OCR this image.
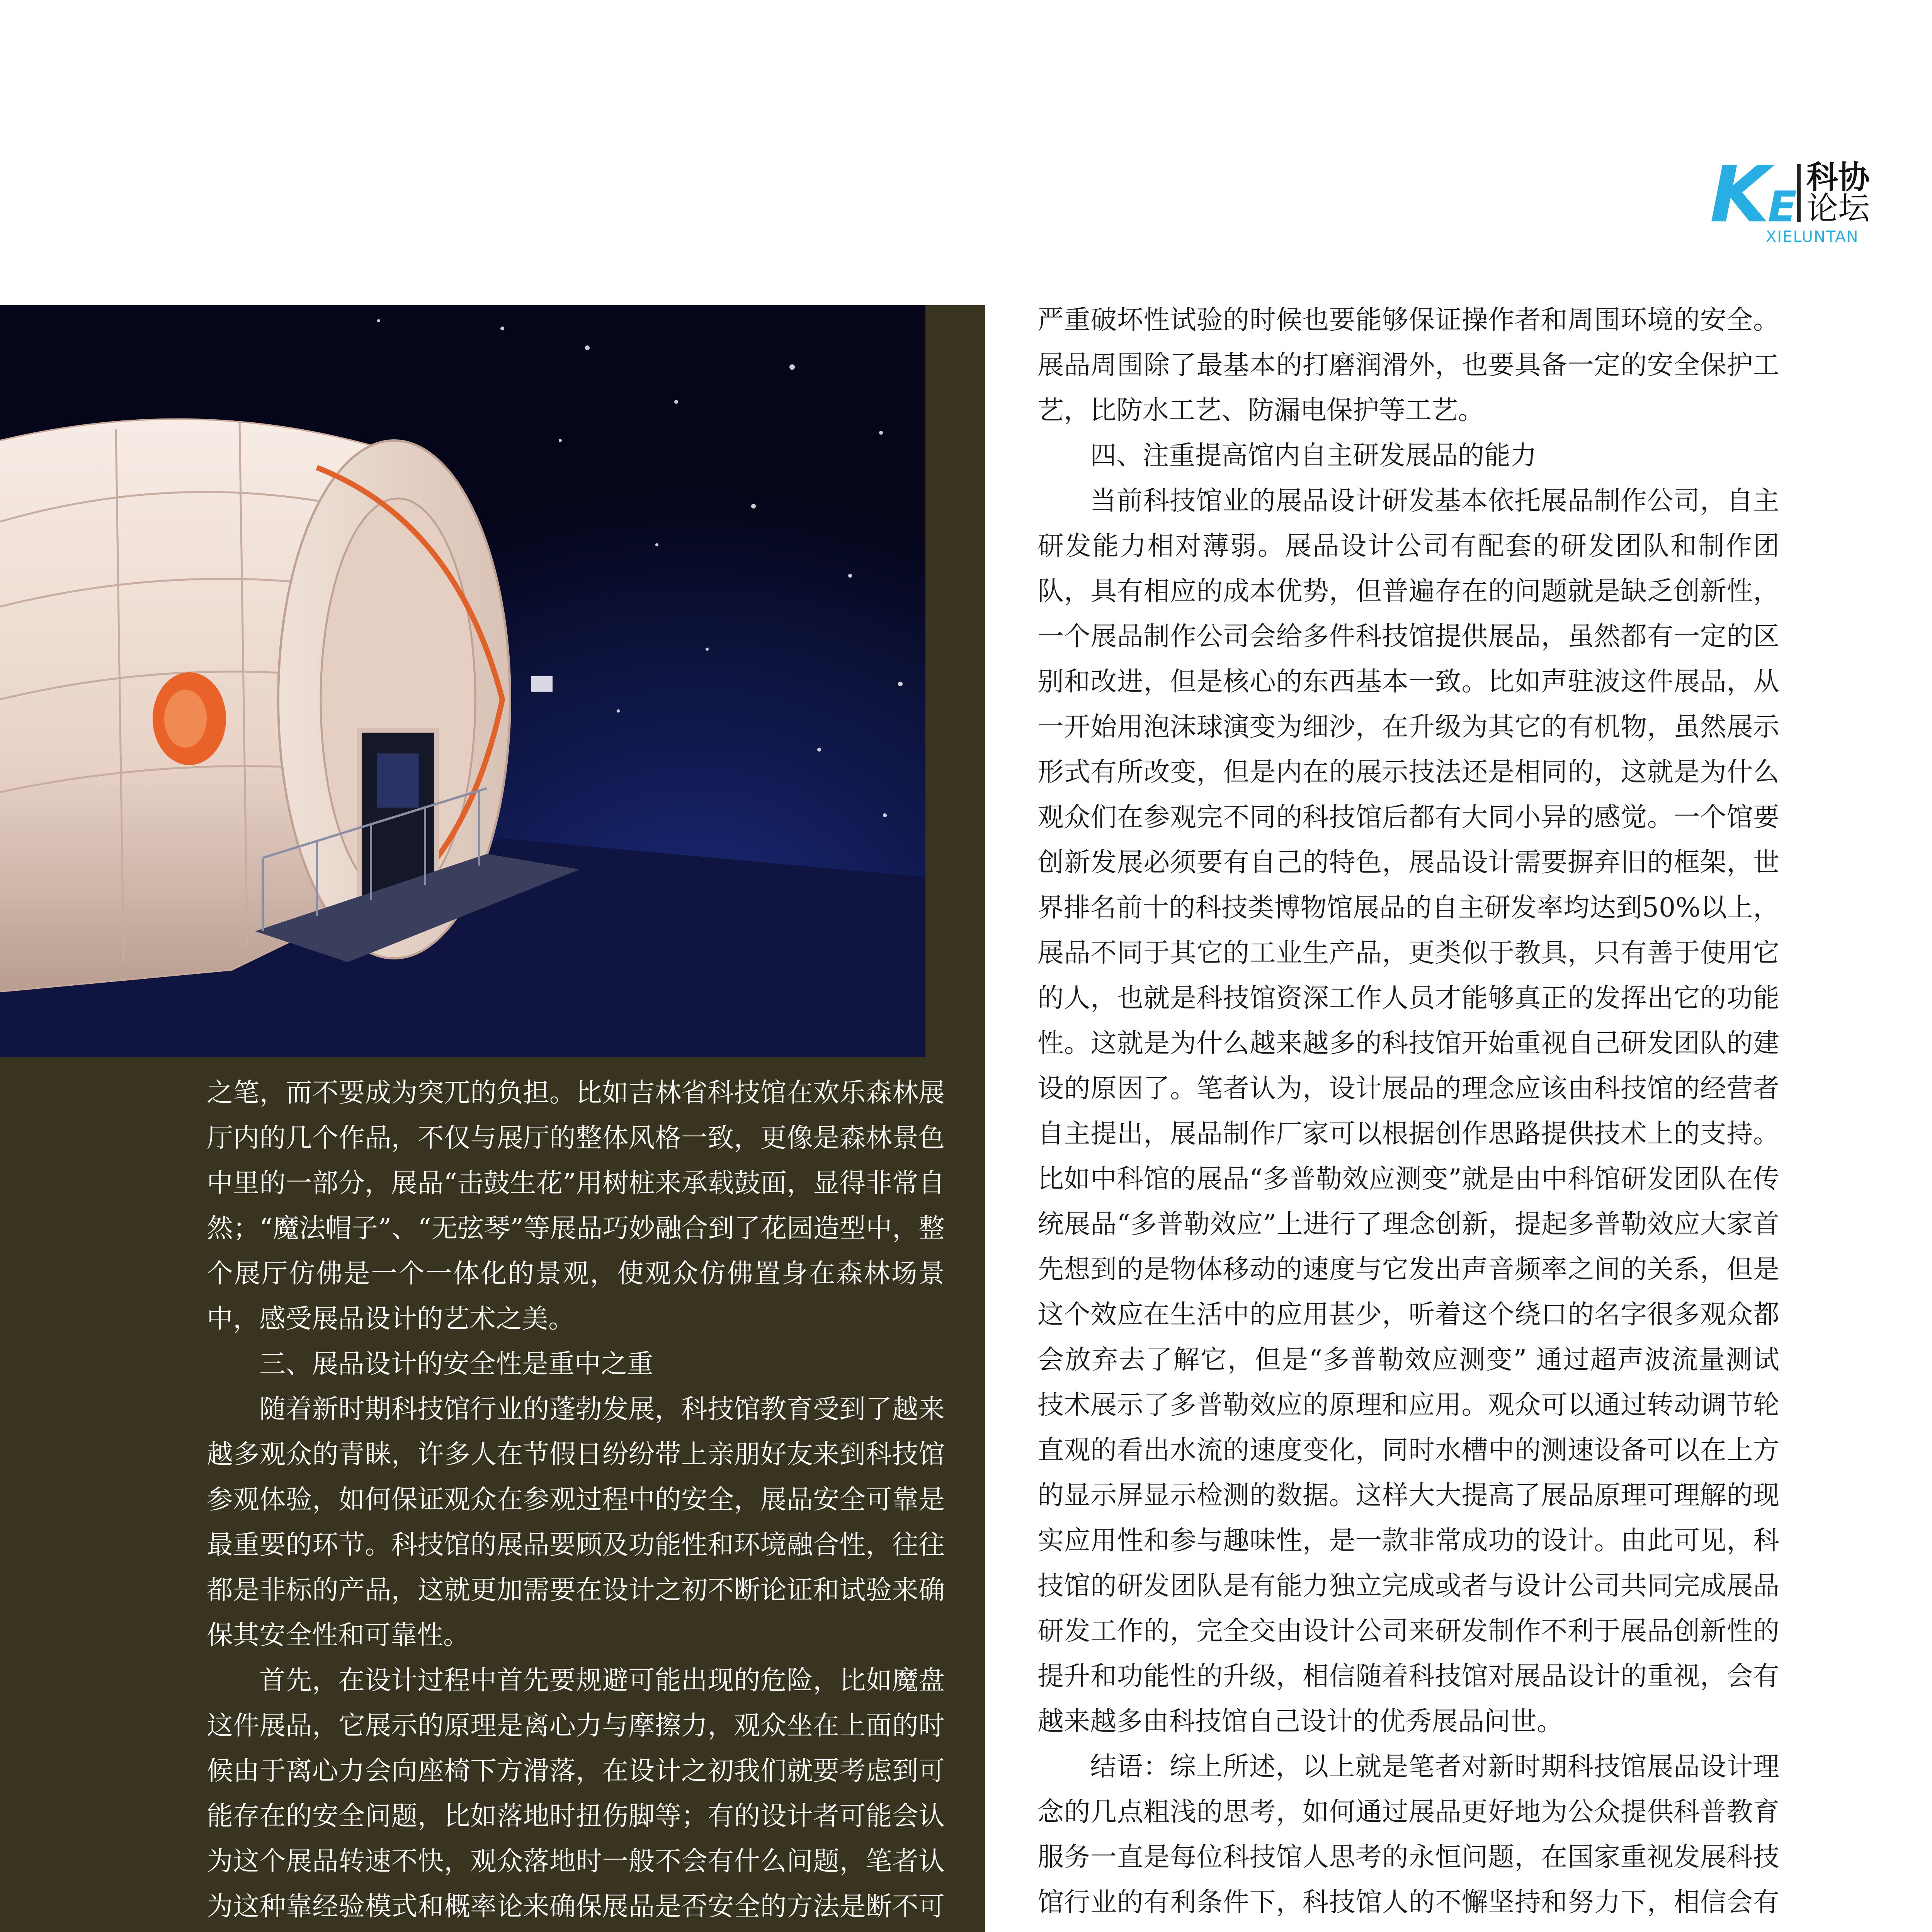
K
E
科协
论坛
XIELUNTAN

之笔，而不要成为突兀的负担。比如吉林省科技馆在欢乐森林展厅内的几个作品，不仅与展厅的整体风格一致，更像是森林景色中里的一部分，展品“击鼓生花”用树桩来承载鼓面，显得非常自然；“魔法帽子”、“无弦琴”等展品巧妙融合到了花园造型中，整个展厅仿佛是一个一体化的景观，使观众仿佛置身在森林场景中，感受展品设计的艺术之美。

三、展品设计的安全性是重中之重

随着新时期科技馆行业的蓬勃发展，科技馆教育受到了越来越多观众的青睐，许多人在节假日纷纷带上亲朋好友来到科技馆参观体验，如何保证观众在参观过程中的安全，展品安全可靠是最重要的环节。科技馆的展品要顾及功能性和环境融合性，往往都是非标的产品，这就更加需要在设计之初不断论证和试验来确保其安全性和可靠性。

首先，在设计过程中首先要规避可能出现的危险，比如魔盘这件展品，它展示的原理是离心力与摩擦力，观众坐在上面的时候由于离心力会向座椅下方滑落，在设计之初我们就要考虑到可能存在的安全问题，比如落地时扭伤脚等；有的设计者可能会认为这个展品转速不快，观众落地时一般不会有什么问题，笔者认为这种靠经验模式和概率论来确保展品是否安全的方法是断不可

严重破坏性试验的时候也要能够保证操作者和周围环境的安全。展品周围除了最基本的打磨润滑外，也要具备一定的安全保护工艺，比防水工艺、防漏电保护等工艺。

四、注重提高馆内自主研发展品的能力

当前科技馆业的展品设计研发基本依托展品制作公司，自主研发能力相对薄弱。展品设计公司有配套的研发团队和制作团队，具有相应的成本优势，但普遍存在的问题就是缺乏创新性，一个展品制作公司会给多件科技馆提供展品，虽然都有一定的区别和改进，但是核心的东西基本一致。比如声驻波这件展品，从一开始用泡沫球演变为细沙，在升级为其它的有机物，虽然展示形式有所改变，但是内在的展示技法还是相同的，这就是为什么观众们在参观完不同的科技馆后都有大同小异的感觉。一个馆要创新发展必须要有自己的特色，展品设计需要摒弃旧的框架，世界排名前十的科技类博物馆展品的自主研发率均达到50%以上，展品不同于其它的工业生产品，更类似于教具，只有善于使用它的人，也就是科技馆资深工作人员才能够真正的发挥出它的功能性。这就是为什么越来越多的科技馆开始重视自己研发团队的建设的原因了。笔者认为，设计展品的理念应该由科技馆的经营者自主提出，展品制作厂家可以根据创作思路提供技术上的支持。比如中科馆的展品“多普勒效应测变”就是由中科馆研发团队在传统展品“多普勒效应”上进行了理念创新，提起多普勒效应大家首先想到的是物体移动的速度与它发出声音频率之间的关系，但是这个效应在生活中的应用甚少，听着这个绕口的名字很多观众都会放弃去了解它，但是“多普勒效应测变” 通过超声波流量测试技术展示了多普勒效应的原理和应用。观众可以通过转动调节轮直观的看出水流的速度变化，同时水槽中的测速设备可以在上方的显示屏显示检测的数据。这样大大提高了展品原理可理解的现实应用性和参与趣味性，是一款非常成功的设计。由此可见，科技馆的研发团队是有能力独立完成或者与设计公司共同完成展品研发工作的，完全交由设计公司来研发制作不利于展品创新性的提升和功能性的升级，相信随着科技馆对展品设计的重视，会有越来越多由科技馆自己设计的优秀展品问世。

结语：综上所述，以上就是笔者对新时期科技馆展品设计理念的几点粗浅的思考，如何通过展品更好地为公众提供科普教育服务一直是每位科技馆人思考的永恒问题，在国家重视发展科技馆行业的有利条件下，科技馆人的不懈坚持和努力下，相信会有
